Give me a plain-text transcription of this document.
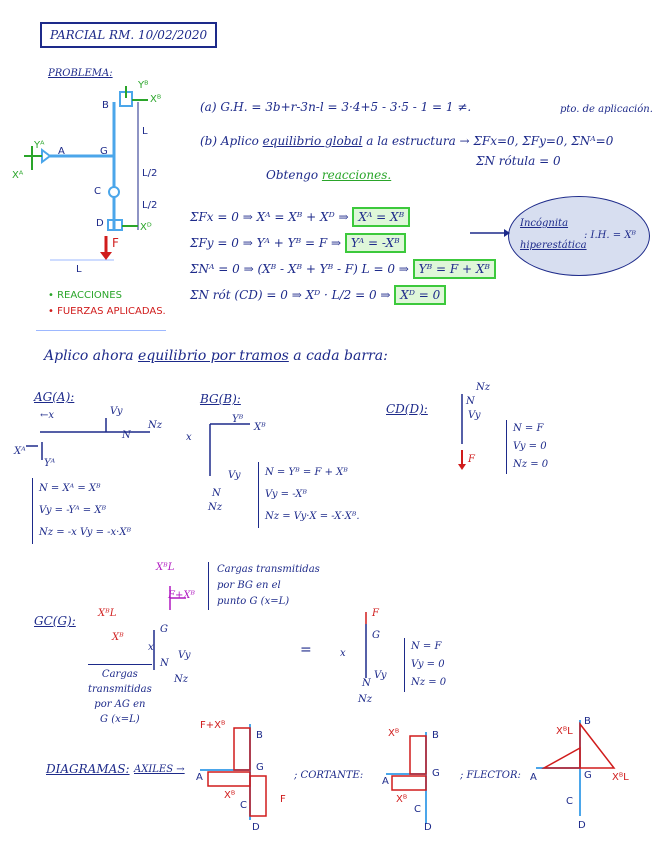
PARCIAL RM. 10/02/2020
PROBLEMA:
Yᴮ
Xᴮ
B
Yᴬ
Xᴬ
A	G
C
D	Xᴰ
F
L
L/2
L/2
L
• REACCIONES
• FUERZAS APLICADAS.
(a) G.H. = 3b+r-3n-l = 3·4+5 - 3·5 - 1 = 1 ≠.	pto. de aplicación.
(b) Aplico equilibrio global a la estructura → ΣFx=0, ΣFy=0, ΣNᴬ=0
ΣN rótula = 0
Obtengo reacciones.
ΣFx = 0 ⇒ Xᴬ = Xᴮ + Xᴰ ⇒ Xᴬ = Xᴮ
ΣFy = 0 ⇒ Yᴬ + Yᴮ = F ⇒ Yᴬ = -Xᴮ
ΣNᴬ = 0 ⇒ (Xᴮ - Xᴮ + Yᴮ - F) L = 0 ⇒ Yᴮ = F + Xᴮ
ΣN rót (CD) = 0 ⇒ Xᴰ · L/2 = 0 ⇒ Xᴰ = 0
Incógnita
hiperestática
: I.H. = Xᴮ
Aplico ahora equilibrio por tramos a cada barra:
AG(A):
←x	Vy
N
Nz
Xᴬ
Yᴬ
N = Xᴬ = Xᴮ
Vy = -Yᴬ = Xᴮ
Nz = -x Vy = -x·Xᴮ
BG(B):
Yᴮ
Xᴮ
x
Vy
N
Nz
N = Yᴮ = F + Xᴮ
Vy = -Xᴮ
Nz = Vy·X = -X·Xᴮ.
CD(D):
Nz
N
Vy
F
N = F
Vy = 0
Nz = 0
GC(G):
XᴮL
F+Xᴮ
Cargas transmitidas
por BG en el
punto G (x=L)
XᴮL
Xᴮ
G
x
N
Vy
Nz
Cargas
transmitidas
por AG en
G (x=L)
=
F
G
x
N
Vy
Nz
N = F
Vy = 0
Nz = 0
DIAGRAMAS: AXILES →
F+Xᴮ
Xᴮ	F
A
B
G
C
D
; CORTANTE:
Xᴮ
Xᴮ
A
B
G
C
D
; FLECTOR:
XᴮL
XᴮL
A
B
G
C
D
